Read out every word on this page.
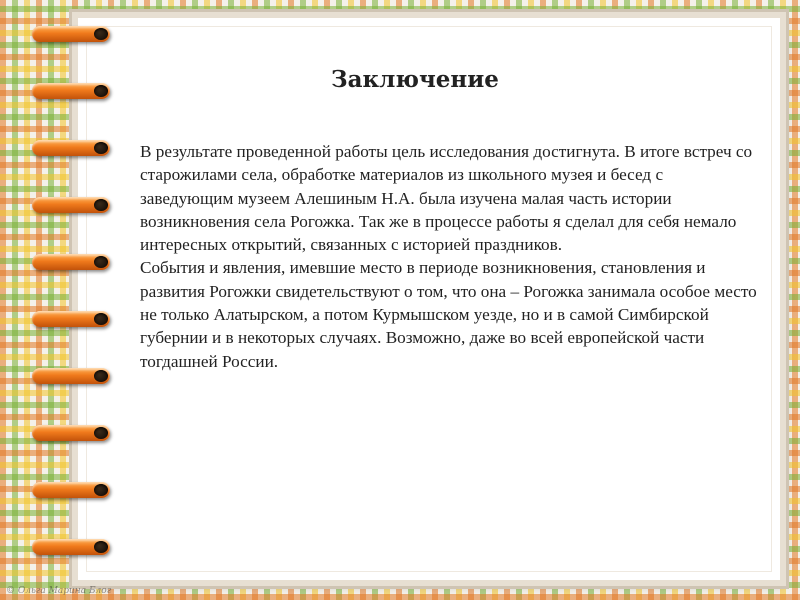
Заключение

В результате проведенной работы цель исследования достигнута. В итоге встреч со старожилами села, обработке материалов из школьного музея и бесед с заведующим музеем Алешиным Н.А. была изучена малая часть истории возникновения села Рогожка. Так же в процессе работы я сделал для себя немало интересных открытий, связанных с историей праздников.

События и явления, имевшие место в периоде возникновения, становления и развития Рогожки свидетельствуют о том, что она – Рогожка занимала особое место не только Алатырском, а потом Курмышском уезде, но и в самой Симбирской губернии и в некоторых случаях. Возможно, даже во всей европейской части тогдашней России.

© Ольга Марина Блог
